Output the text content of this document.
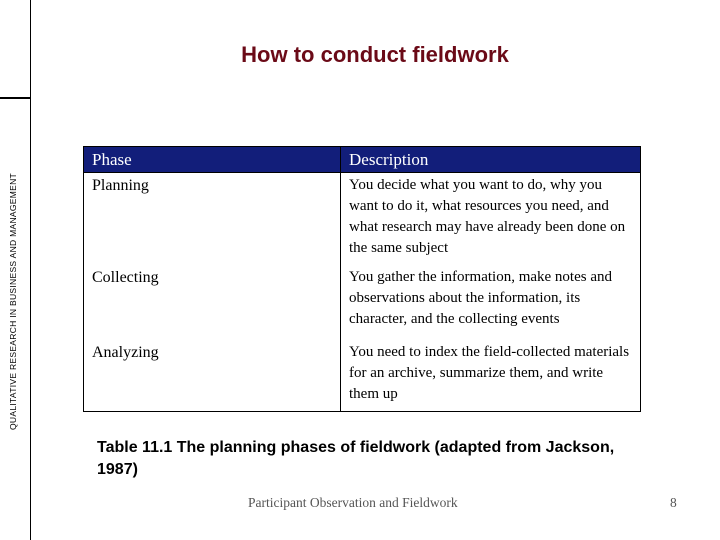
QUALITATIVE RESEARCH IN BUSINESS AND MANAGEMENT
How to conduct fieldwork
Phase	Description
Planning	You decide what you want to do, why you want to do it, what resources you need, and what research may have already been done on the same subject
Collecting	You gather the information, make notes and observations about the information, its character, and the collecting events
Analyzing	You need to index the field-collected materials for an archive, summarize them, and write them up
Table 11.1 The planning phases of fieldwork (adapted from Jackson, 1987)
Participant Observation and Fieldwork	8
